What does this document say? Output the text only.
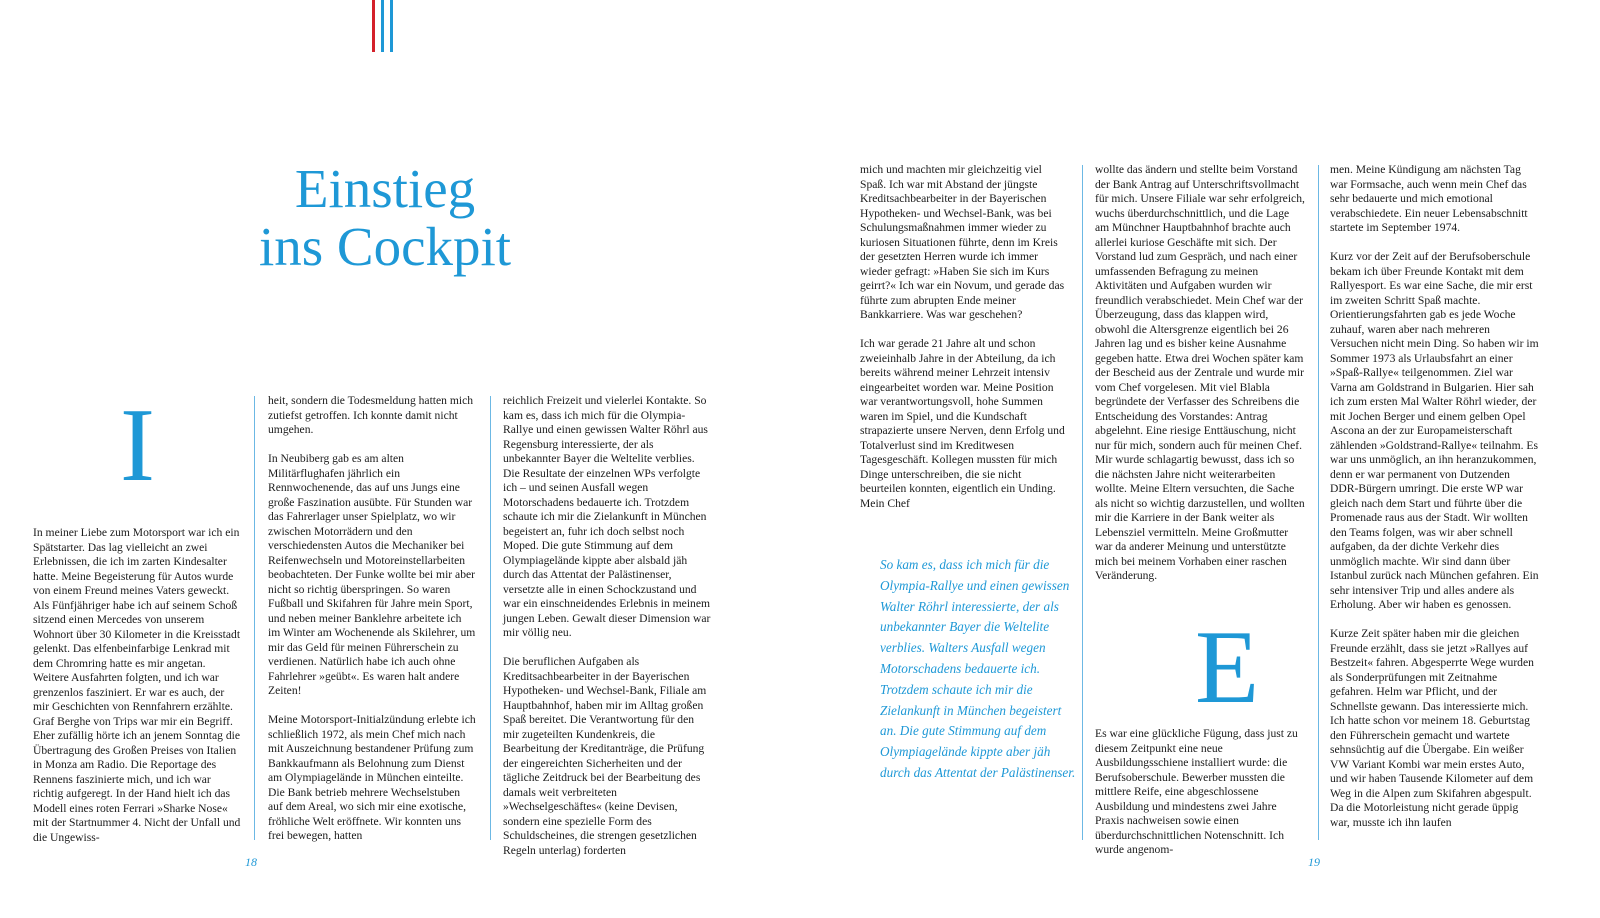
Einstieg
ins Cockpit
I
E

In meiner Liebe zum Motorsport war ich ein Spätstarter. Das lag vielleicht an zwei Erlebnissen, die ich im zarten Kindesalter hatte. Meine Begeisterung für Autos wurde von einem Freund meines Vaters geweckt. Als Fünfjähriger habe ich auf seinem Schoß sitzend einen Mercedes von unserem Wohnort über 30 Kilometer in die Kreisstadt gelenkt. Das elfenbeinfarbige Lenkrad mit dem Chromring hatte es mir angetan. Weitere Ausfahrten folgten, und ich war grenzenlos fasziniert. Er war es auch, der mir Geschichten von Rennfahrern erzählte. Graf Berghe von Trips war mir ein Begriff. Eher zufällig hörte ich an jenem Sonntag die Übertragung des Großen Preises von Italien in Monza am Radio. Die Reportage des Rennens faszinierte mich, und ich war richtig aufgeregt. In der Hand hielt ich das Modell eines roten Ferrari »Sharke Nose« mit der Startnummer 4. Nicht der Unfall und die Ungewiss-

heit, sondern die Todesmeldung hatten mich zutiefst getroffen. Ich konnte damit nicht umgehen.

In Neubiberg gab es am alten Militärflughafen jährlich ein Rennwochenende, das auf uns Jungs eine große Faszination ausübte. Für Stunden war das Fahrerlager unser Spielplatz, wo wir zwischen Motorrädern und den verschiedensten Autos die Mechaniker bei Reifenwechseln und Motoreinstellarbeiten beobachteten. Der Funke wollte bei mir aber nicht so richtig überspringen. So waren Fußball und Skifahren für Jahre mein Sport, und neben meiner Banklehre arbeitete ich im Winter am Wochenende als Skilehrer, um mir das Geld für meinen Führerschein zu verdienen. Natürlich habe ich auch ohne Fahrlehrer »geübt«. Es waren halt andere Zeiten!

Meine Motorsport-Initialzündung erlebte ich schließlich 1972, als mein Chef mich nach mit Auszeichnung bestandener Prüfung zum Bankkaufmann als Belohnung zum Dienst am Olympiagelände in München einteilte. Die Bank betrieb mehrere Wechselstuben auf dem Areal, wo sich mir eine exotische, fröhliche Welt eröffnete. Wir konnten uns frei bewegen, hatten

reichlich Freizeit und vielerlei Kontakte. So kam es, dass ich mich für die Olympia-Rallye und einen gewissen Walter Röhrl aus Regensburg interessierte, der als unbekannter Bayer die Weltelite verblies. Die Resultate der einzelnen WPs verfolgte ich – und seinen Ausfall wegen Motorschadens bedauerte ich. Trotzdem schaute ich mir die Zielankunft in München begeistert an, fuhr ich doch selbst noch Moped. Die gute Stimmung auf dem Olympiagelände kippte aber alsbald jäh durch das Attentat der Palästinenser, versetzte alle in einen Schockzustand und war ein einschneidendes Erlebnis in meinem jungen Leben. Gewalt dieser Dimension war mir völlig neu.

Die beruflichen Aufgaben als Kreditsachbearbeiter in der Bayerischen Hypotheken- und Wechsel-Bank, Filiale am Hauptbahnhof, haben mir im Alltag großen Spaß bereitet. Die Verantwortung für den mir zugeteilten Kundenkreis, die Bearbeitung der Kreditanträge, die Prüfung der eingereichten Sicherheiten und der tägliche Zeitdruck bei der Bearbeitung des damals weit verbreiteten »Wechselgeschäftes« (keine Devisen, sondern eine spezielle Form des Schuldscheines, die strengen gesetzlichen Regeln unterlag) forderten

mich und machten mir gleichzeitig viel Spaß. Ich war mit Abstand der jüngste Kreditsachbearbeiter in der Bayerischen Hypotheken- und Wechsel-Bank, was bei Schulungsmaßnahmen immer wieder zu kuriosen Situationen führte, denn im Kreis der gesetzten Herren wurde ich immer wieder gefragt: »Haben Sie sich im Kurs geirrt?« Ich war ein Novum, und gerade das führte zum abrupten Ende meiner Bankkarriere. Was war geschehen?

Ich war gerade 21 Jahre alt und schon zweieinhalb Jahre in der Abteilung, da ich bereits während meiner Lehrzeit intensiv eingearbeitet worden war. Meine Position war verantwortungsvoll, hohe Summen waren im Spiel, und die Kundschaft strapazierte unsere Nerven, denn Erfolg und Totalverlust sind im Kreditwesen Tagesgeschäft. Kollegen mussten für mich Dinge unterschreiben, die sie nicht beurteilen konnten, eigentlich ein Unding. Mein Chef

So kam es, dass ich mich für die Olympia-Rallye und einen gewissen Walter Röhrl interessierte, der als unbekannter Bayer die Weltelite verblies. Walters Ausfall wegen Motorschadens bedauerte ich. Trotzdem schaute ich mir die Zielankunft in München begeistert an. Die gute Stimmung auf dem Olympiagelände kippte aber jäh durch das Attentat der Palästinenser.

wollte das ändern und stellte beim Vorstand der Bank Antrag auf Unterschriftsvollmacht für mich. Unsere Filiale war sehr erfolgreich, wuchs überdurchschnittlich, und die Lage am Münchner Hauptbahnhof brachte auch allerlei kuriose Geschäfte mit sich. Der Vorstand lud zum Gespräch, und nach einer umfassenden Befragung zu meinen Aktivitäten und Aufgaben wurden wir freundlich verabschiedet. Mein Chef war der Überzeugung, dass das klappen wird, obwohl die Altersgrenze eigentlich bei 26 Jahren lag und es bisher keine Ausnahme gegeben hatte. Etwa drei Wochen später kam der Bescheid aus der Zentrale und wurde mir vom Chef vorgelesen. Mit viel Blabla begründete der Verfasser des Schreibens die Entscheidung des Vorstandes: Antrag abgelehnt. Eine riesige Enttäuschung, nicht nur für mich, sondern auch für meinen Chef. Mir wurde schlagartig bewusst, dass ich so die nächsten Jahre nicht weiterarbeiten wollte. Meine Eltern versuchten, die Sache als nicht so wichtig darzustellen, und wollten mir die Karriere in der Bank weiter als Lebensziel vermitteln. Meine Großmutter war da anderer Meinung und unterstützte mich bei meinem Vorhaben einer raschen Veränderung.

Es war eine glückliche Fügung, dass just zu diesem Zeitpunkt eine neue Ausbildungsschiene installiert wurde: die Berufsoberschule. Bewerber mussten die mittlere Reife, eine abgeschlossene Ausbildung und mindestens zwei Jahre Praxis nachweisen sowie einen überdurchschnittlichen Notenschnitt. Ich wurde angenom-

men. Meine Kündigung am nächsten Tag war Formsache, auch wenn mein Chef das sehr bedauerte und mich emotional verabschiedete. Ein neuer Lebensabschnitt startete im September 1974.

Kurz vor der Zeit auf der Berufsoberschule bekam ich über Freunde Kontakt mit dem Rallyesport. Es war eine Sache, die mir erst im zweiten Schritt Spaß machte. Orientierungsfahrten gab es jede Woche zuhauf, waren aber nach mehreren Versuchen nicht mein Ding. So haben wir im Sommer 1973 als Urlaubsfahrt an einer »Spaß-Rallye« teilgenommen. Ziel war Varna am Goldstrand in Bulgarien. Hier sah ich zum ersten Mal Walter Röhrl wieder, der mit Jochen Berger und einem gelben Opel Ascona an der zur Europameisterschaft zählenden »Goldstrand-Rallye« teilnahm. Es war uns unmöglich, an ihn heranzukommen, denn er war permanent von Dutzenden DDR-Bürgern umringt. Die erste WP war gleich nach dem Start und führte über die Promenade raus aus der Stadt. Wir wollten den Teams folgen, was wir aber schnell aufgaben, da der dichte Verkehr dies unmöglich machte. Wir sind dann über Istanbul zurück nach München gefahren. Ein sehr intensiver Trip und alles andere als Erholung. Aber wir haben es genossen.

Kurze Zeit später haben mir die gleichen Freunde erzählt, dass sie jetzt »Rallyes auf Bestzeit« fahren. Abgesperrte Wege wurden als Sonderprüfungen mit Zeitnahme gefahren. Helm war Pflicht, und der Schnellste gewann. Das interessierte mich. Ich hatte schon vor meinem 18. Geburtstag den Führerschein gemacht und wartete sehnsüchtig auf die Übergabe. Ein weißer VW Variant Kombi war mein erstes Auto, und wir haben Tausende Kilometer auf dem Weg in die Alpen zum Skifahren abgespult. Da die Motorleistung nicht gerade üppig war, musste ich ihn laufen

18	19
